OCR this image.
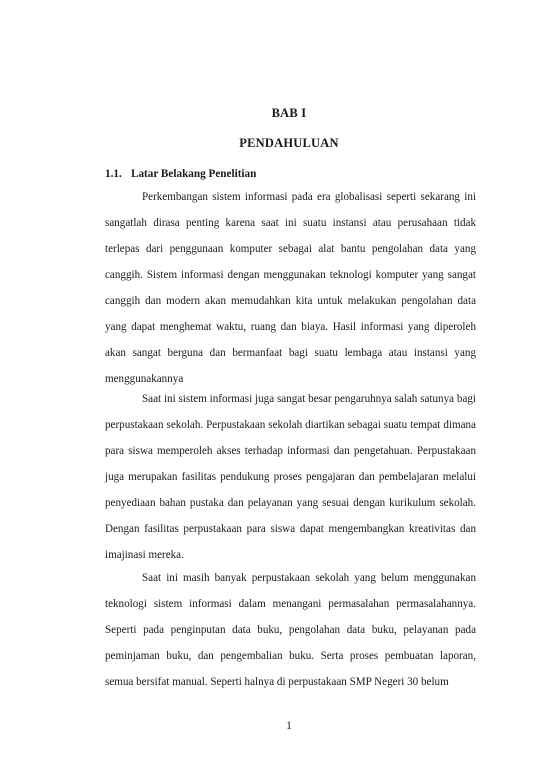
BAB I
PENDAHULUAN
1.1. Latar Belakang Penelitian

Perkembangan sistem informasi pada era globalisasi seperti sekarang ini sangatlah dirasa penting karena saat ini suatu instansi atau perusahaan tidak terlepas dari penggunaan komputer sebagai alat bantu pengolahan data yang canggih. Sistem informasi dengan menggunakan teknologi komputer yang sangat canggih dan modern akan memudahkan kita untuk melakukan pengolahan data yang dapat menghemat waktu, ruang dan biaya. Hasil informasi yang diperoleh akan sangat berguna dan bermanfaat bagi suatu lembaga atau instansi yang menggunakannya

Saat ini sistem informasi juga sangat besar pengaruhnya salah satunya bagi perpustakaan sekolah. Perpustakaan sekolah diartikan sebagai suatu tempat dimana para siswa memperoleh akses terhadap informasi dan pengetahuan. Perpustakaan juga merupakan fasilitas pendukung proses pengajaran dan pembelajaran melalui penyediaan bahan pustaka dan pelayanan yang sesuai dengan kurikulum sekolah. Dengan fasilitas perpustakaan para siswa dapat mengembangkan kreativitas dan imajinasi mereka.

Saat ini masih banyak perpustakaan sekolah yang belum menggunakan teknologi sistem informasi dalam menangani permasalahan permasalahannya. Seperti pada penginputan data buku, pengolahan data buku, pelayanan pada peminjaman buku, dan pengembalian buku. Serta proses pembuatan laporan, semua bersifat manual. Seperti halnya di perpustakaan SMP Negeri 30 belum

1
